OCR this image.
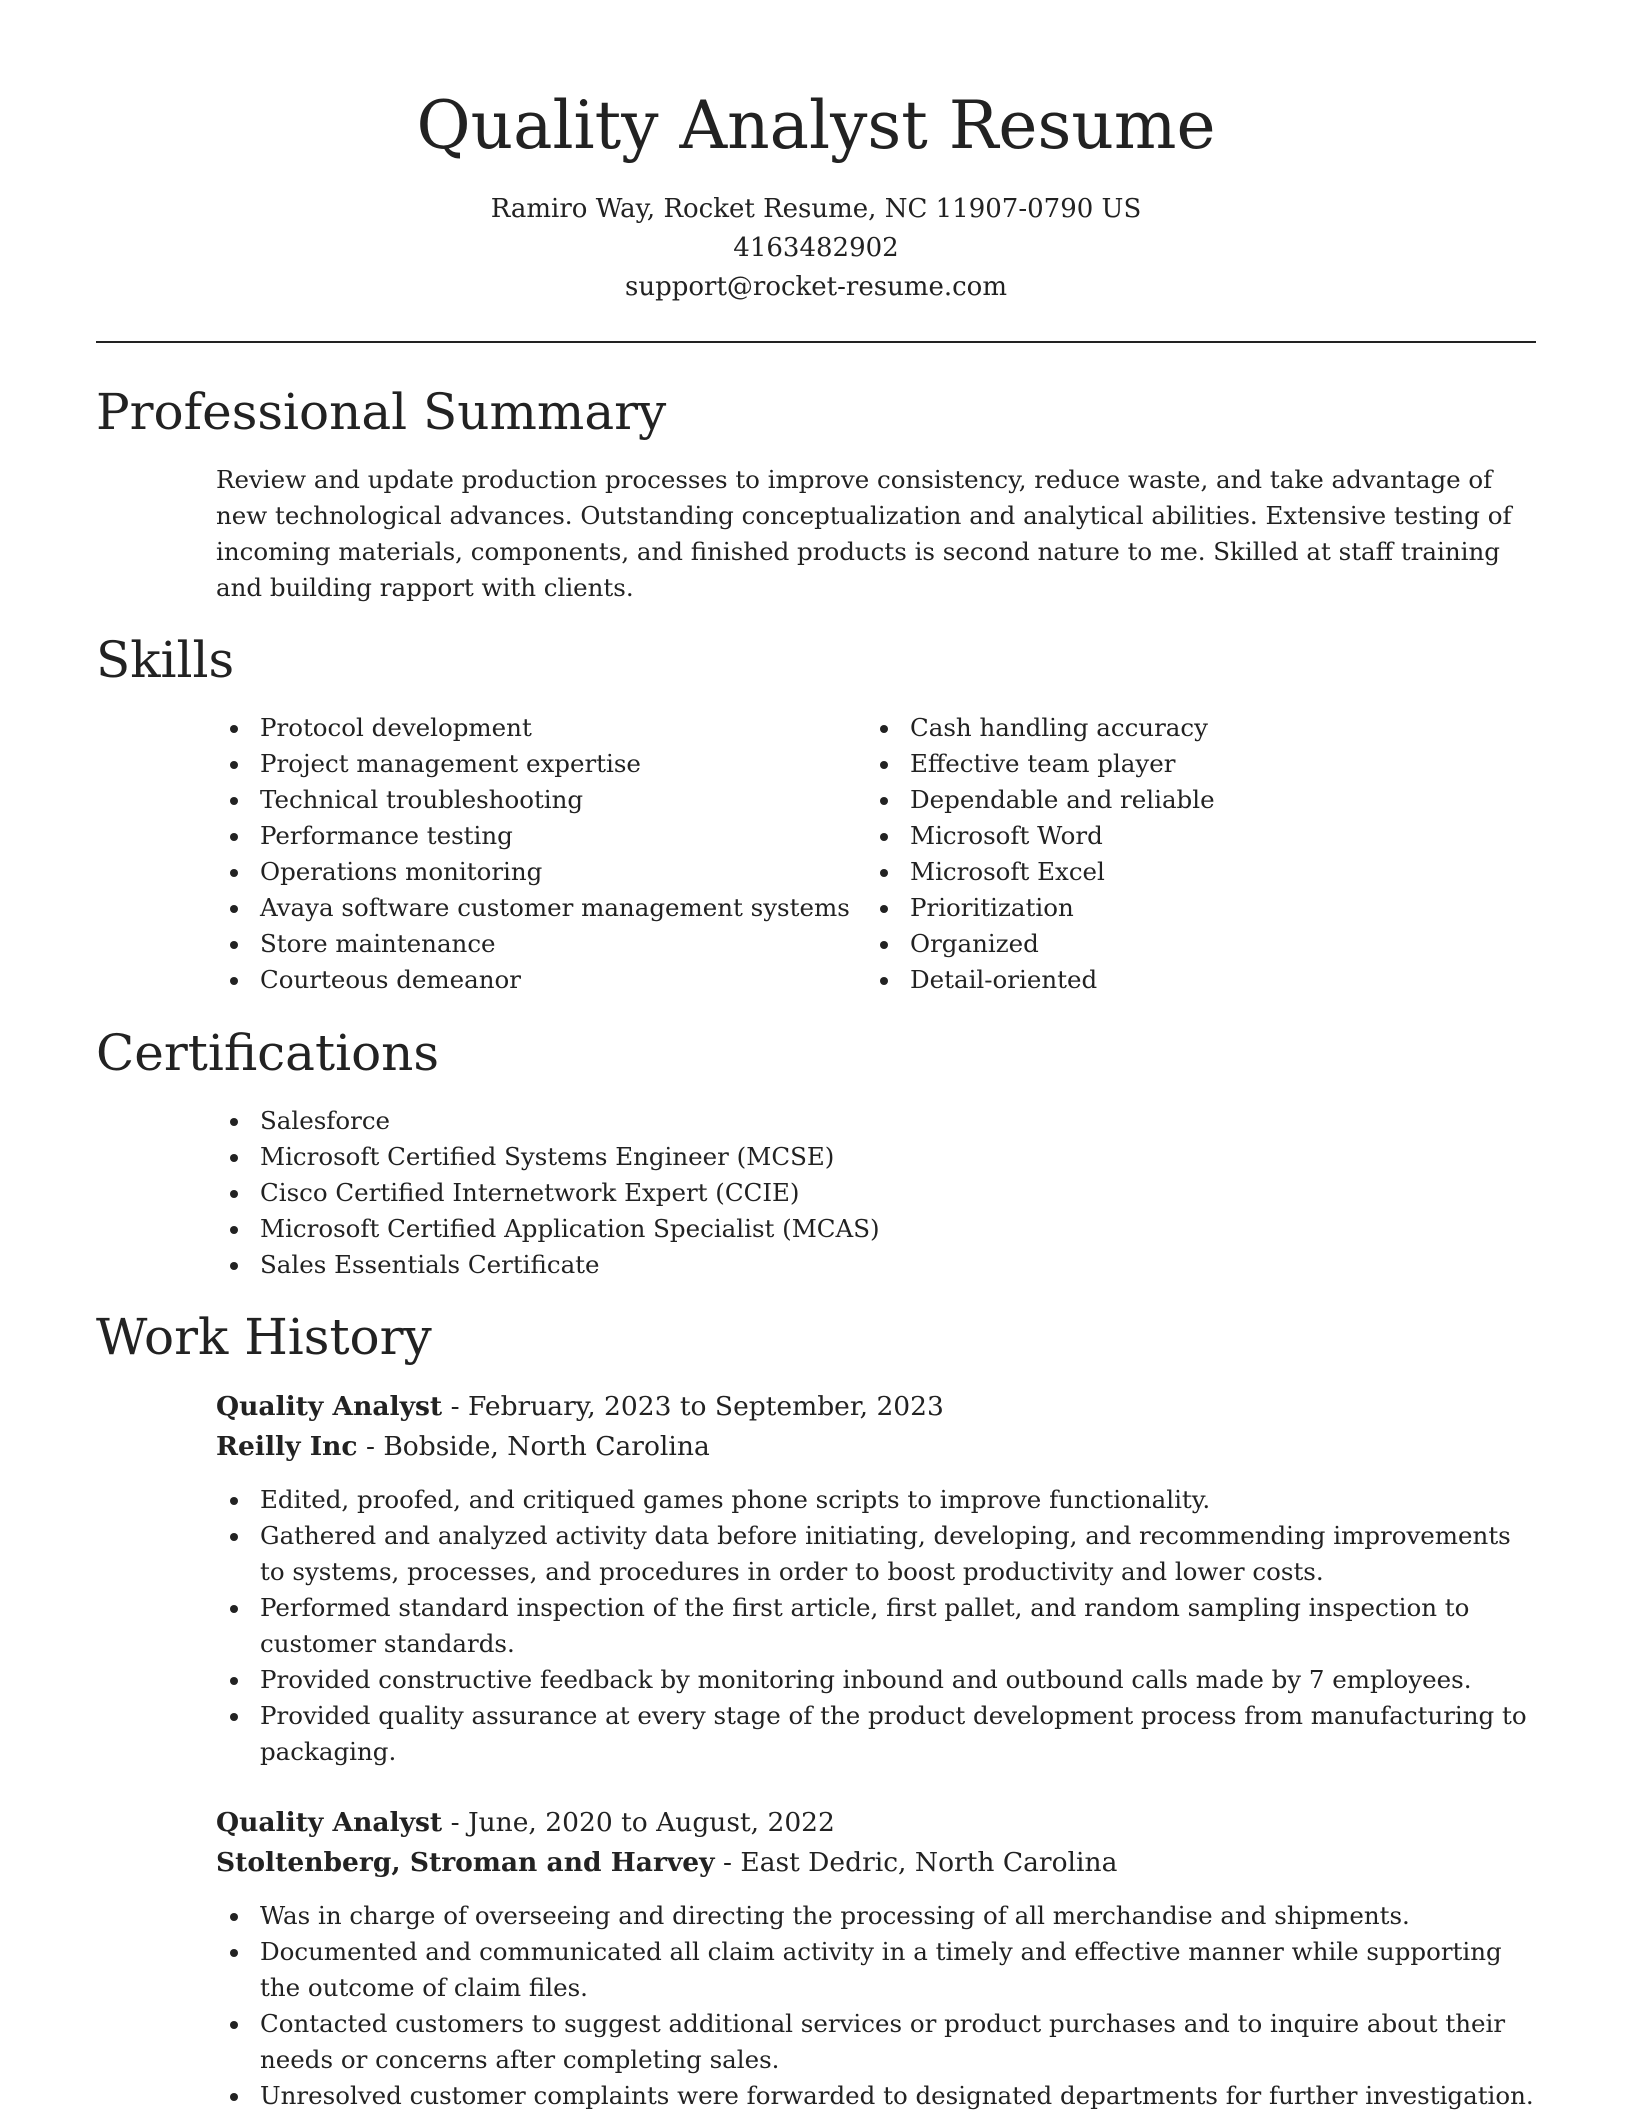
Quality Analyst Resume
Ramiro Way, Rocket Resume, NC 11907-0790 US
4163482902
support@rocket-resume.com
Professional Summary

Review and update production processes to improve consistency, reduce waste, and take advantage of new technological advances. Outstanding conceptualization and analytical abilities. Extensive testing of incoming materials, components, and finished products is second nature to me. Skilled at staff training and building rapport with clients.

Skills
Protocol development
Project management expertise
Technical troubleshooting
Performance testing
Operations monitoring
Avaya software customer management systems
Store maintenance
Courteous demeanor
Cash handling accuracy
Effective team player
Dependable and reliable
Microsoft Word
Microsoft Excel
Prioritization
Organized
Detail-oriented
Certifications
Salesforce
Microsoft Certified Systems Engineer (MCSE)
Cisco Certified Internetwork Expert (CCIE)
Microsoft Certified Application Specialist (MCAS)
Sales Essentials Certificate
Work History

Quality Analyst - February, 2023 to September, 2023

Reilly Inc - Bobside, North Carolina

Edited, proofed, and critiqued games phone scripts to improve functionality.
Gathered and analyzed activity data before initiating, developing, and recommending improvements to systems, processes, and procedures in order to boost productivity and lower costs.
Performed standard inspection of the first article, first pallet, and random sampling inspection to customer standards.
Provided constructive feedback by monitoring inbound and outbound calls made by 7 employees.
Provided quality assurance at every stage of the product development process from manufacturing to packaging.

Quality Analyst - June, 2020 to August, 2022

Stoltenberg, Stroman and Harvey - East Dedric, North Carolina

Was in charge of overseeing and directing the processing of all merchandise and shipments.
Documented and communicated all claim activity in a timely and effective manner while supporting the outcome of claim files.
Contacted customers to suggest additional services or product purchases and to inquire about their needs or concerns after completing sales.
Unresolved customer complaints were forwarded to designated departments for further investigation.
